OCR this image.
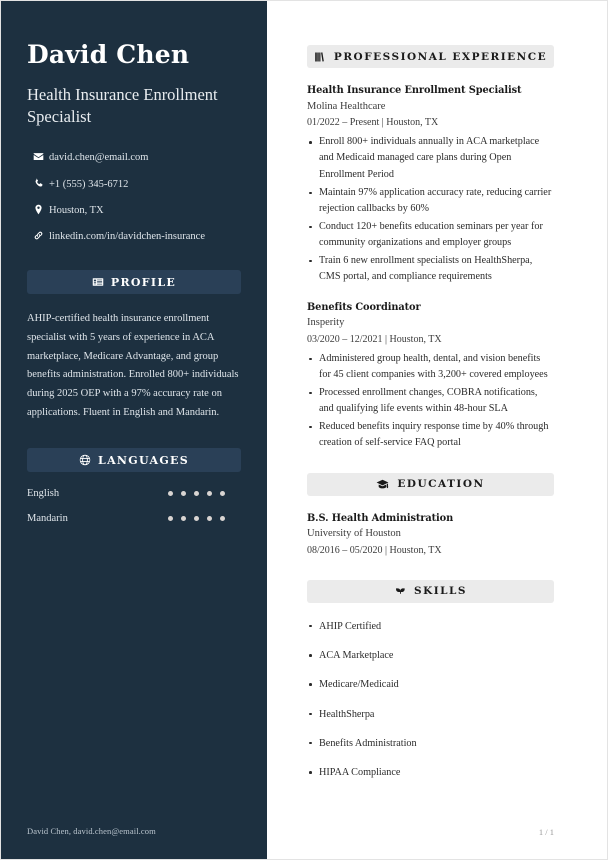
David Chen
Health Insurance Enrollment Specialist
david.chen@email.com
+1 (555) 345-6712
Houston, TX
linkedin.com/in/davidchen-insurance
PROFILE
AHIP-certified health insurance enrollment specialist with 5 years of experience in ACA marketplace, Medicare Advantage, and group benefits administration. Enrolled 800+ individuals during 2025 OEP with a 97% accuracy rate on applications. Fluent in English and Mandarin.
LANGUAGES
English
Mandarin
David Chen, david.chen@email.com
PROFESSIONAL EXPERIENCE
Health Insurance Enrollment Specialist
Molina Healthcare
01/2022 – Present | Houston, TX
Enroll 800+ individuals annually in ACA marketplace and Medicaid managed care plans during Open Enrollment Period
Maintain 97% application accuracy rate, reducing carrier rejection callbacks by 60%
Conduct 120+ benefits education seminars per year for community organizations and employer groups
Train 6 new enrollment specialists on HealthSherpa, CMS portal, and compliance requirements
Benefits Coordinator
Insperity
03/2020 – 12/2021 | Houston, TX
Administered group health, dental, and vision benefits for 45 client companies with 3,200+ covered employees
Processed enrollment changes, COBRA notifications, and qualifying life events within 48-hour SLA
Reduced benefits inquiry response time by 40% through creation of self-service FAQ portal
EDUCATION
B.S. Health Administration
University of Houston
08/2016 – 05/2020 | Houston, TX
SKILLS
AHIP Certified
ACA Marketplace
Medicare/Medicaid
HealthSherpa
Benefits Administration
HIPAA Compliance
1 / 1
